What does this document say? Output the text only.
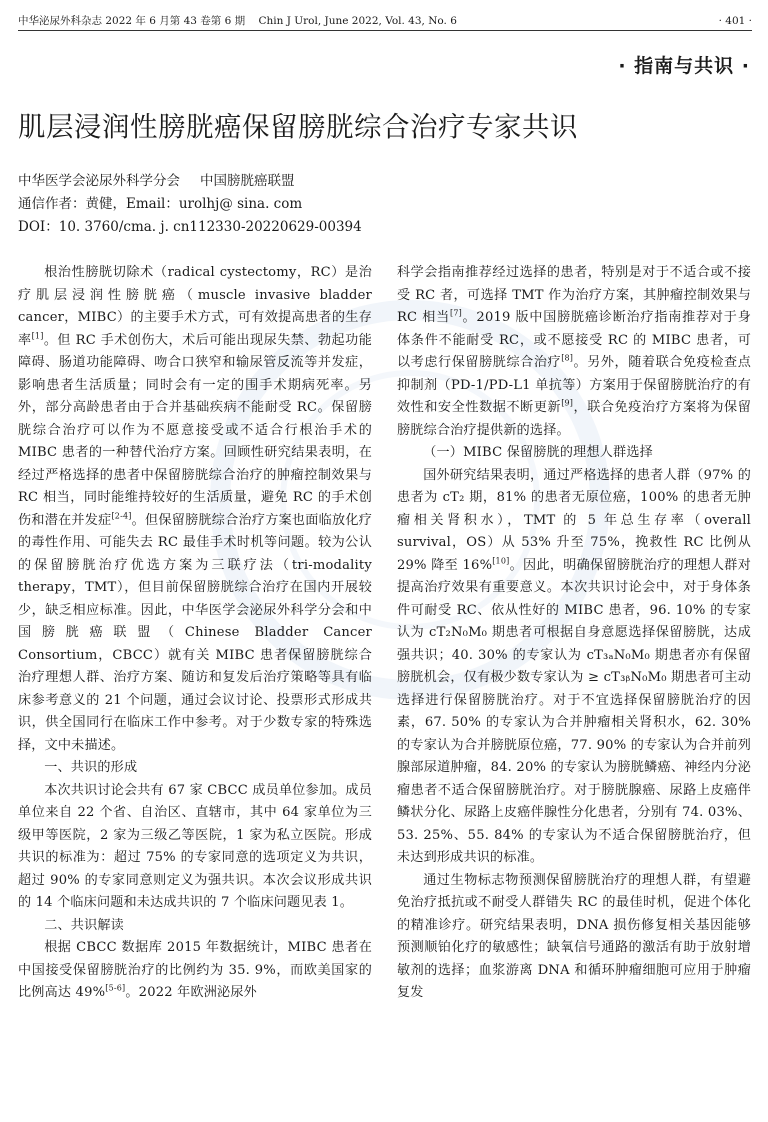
中华泌尿外科杂志 2022 年 6 月第 43 卷第 6 期 Chin J Urol, June 2022, Vol. 43, No. 6	· 401 ·
· 指南与共识 ·
肌层浸润性膀胱癌保留膀胱综合治疗专家共识
中华医学会泌尿外科学分会 中国膀胱癌联盟
通信作者：黄健，Email：urolhj@ sina. com
DOI：10. 3760/cma. j. cn112330-20220629-00394

根治性膀胱切除术（radical cystectomy，RC）是治疗肌层浸润性膀胱癌（muscle invasive bladder cancer，MIBC）的主要手术方式，可有效提高患者的生存率[1]。但 RC 手术创伤大，术后可能出现尿失禁、勃起功能障碍、肠道功能障碍、吻合口狭窄和输尿管反流等并发症，影响患者生活质量；同时会有一定的围手术期病死率。另外，部分高龄患者由于合并基础疾病不能耐受 RC。保留膀胱综合治疗可以作为不愿意接受或不适合行根治手术的 MIBC 患者的一种替代治疗方案。回顾性研究结果表明，在经过严格选择的患者中保留膀胱综合治疗的肿瘤控制效果与 RC 相当，同时能维持较好的生活质量，避免 RC 的手术创伤和潜在并发症[2-4]。但保留膀胱综合治疗方案也面临放化疗的毒性作用、可能失去 RC 最佳手术时机等问题。较为公认的保留膀胱治疗优选方案为三联疗法（tri-modality therapy，TMT），但目前保留膀胱综合治疗在国内开展较少，缺乏相应标准。因此，中华医学会泌尿外科学分会和中国膀胱癌联盟（Chinese Bladder Cancer Consortium，CBCC）就有关 MIBC 患者保留膀胱综合治疗理想人群、治疗方案、随访和复发后治疗策略等具有临床参考意义的 21 个问题，通过会议讨论、投票形式形成共识，供全国同行在临床工作中参考。对于少数专家的特殊选择，文中未描述。

一、共识的形成

本次共识讨论会共有 67 家 CBCC 成员单位参加。成员单位来自 22 个省、自治区、直辖市，其中 64 家单位为三级甲等医院，2 家为三级乙等医院，1 家为私立医院。形成共识的标准为：超过 75% 的专家同意的选项定义为共识，超过 90% 的专家同意则定义为强共识。本次会议形成共识的 14 个临床问题和未达成共识的 7 个临床问题见表 1。

二、共识解读

根据 CBCC 数据库 2015 年数据统计，MIBC 患者在中国接受保留膀胱治疗的比例约为 35. 9%，而欧美国家的比例高达 49%[5-6]。2022 年欧洲泌尿外

科学会指南推荐经过选择的患者，特别是对于不适合或不接受 RC 者，可选择 TMT 作为治疗方案，其肿瘤控制效果与 RC 相当[7]。2019 版中国膀胱癌诊断治疗指南推荐对于身体条件不能耐受 RC，或不愿接受 RC 的 MIBC 患者，可以考虑行保留膀胱综合治疗[8]。另外，随着联合免疫检查点抑制剂（PD-1/PD-L1 单抗等）方案用于保留膀胱治疗的有效性和安全性数据不断更新[9]，联合免疫治疗方案将为保留膀胱综合治疗提供新的选择。

（一）MIBC 保留膀胱的理想人群选择

国外研究结果表明，通过严格选择的患者人群（97% 的患者为 cT₂ 期，81% 的患者无原位癌，100% 的患者无肿瘤相关肾积水），TMT 的 5 年总生存率（overall survival，OS）从 53% 升至 75%，挽救性 RC 比例从 29% 降至 16%[10]。因此，明确保留膀胱治疗的理想人群对提高治疗效果有重要意义。本次共识讨论会中，对于身体条件可耐受 RC、依从性好的 MIBC 患者，96. 10% 的专家认为 cT₂N₀M₀ 期患者可根据自身意愿选择保留膀胱，达成强共识；40. 30% 的专家认为 cT₃ₐN₀M₀ 期患者亦有保留膀胱机会，仅有极少数专家认为 ≥ cT₃ᵦN₀M₀ 期患者可主动选择进行保留膀胱治疗。对于不宜选择保留膀胱治疗的因素，67. 50% 的专家认为合并肿瘤相关肾积水，62. 30% 的专家认为合并膀胱原位癌，77. 90% 的专家认为合并前列腺部尿道肿瘤，84. 20% 的专家认为膀胱鳞癌、神经内分泌瘤患者不适合保留膀胱治疗。对于膀胱腺癌、尿路上皮癌伴鳞状分化、尿路上皮癌伴腺性分化患者，分别有 74. 03%、53. 25%、55. 84% 的专家认为不适合保留膀胱治疗，但未达到形成共识的标准。

通过生物标志物预测保留膀胱治疗的理想人群，有望避免治疗抵抗或不耐受人群错失 RC 的最佳时机，促进个体化的精准诊疗。研究结果表明，DNA 损伤修复相关基因能够预测顺铂化疗的敏感性；缺氧信号通路的激活有助于放射增敏剂的选择；血浆游离 DNA 和循环肿瘤细胞可应用于肿瘤复发
